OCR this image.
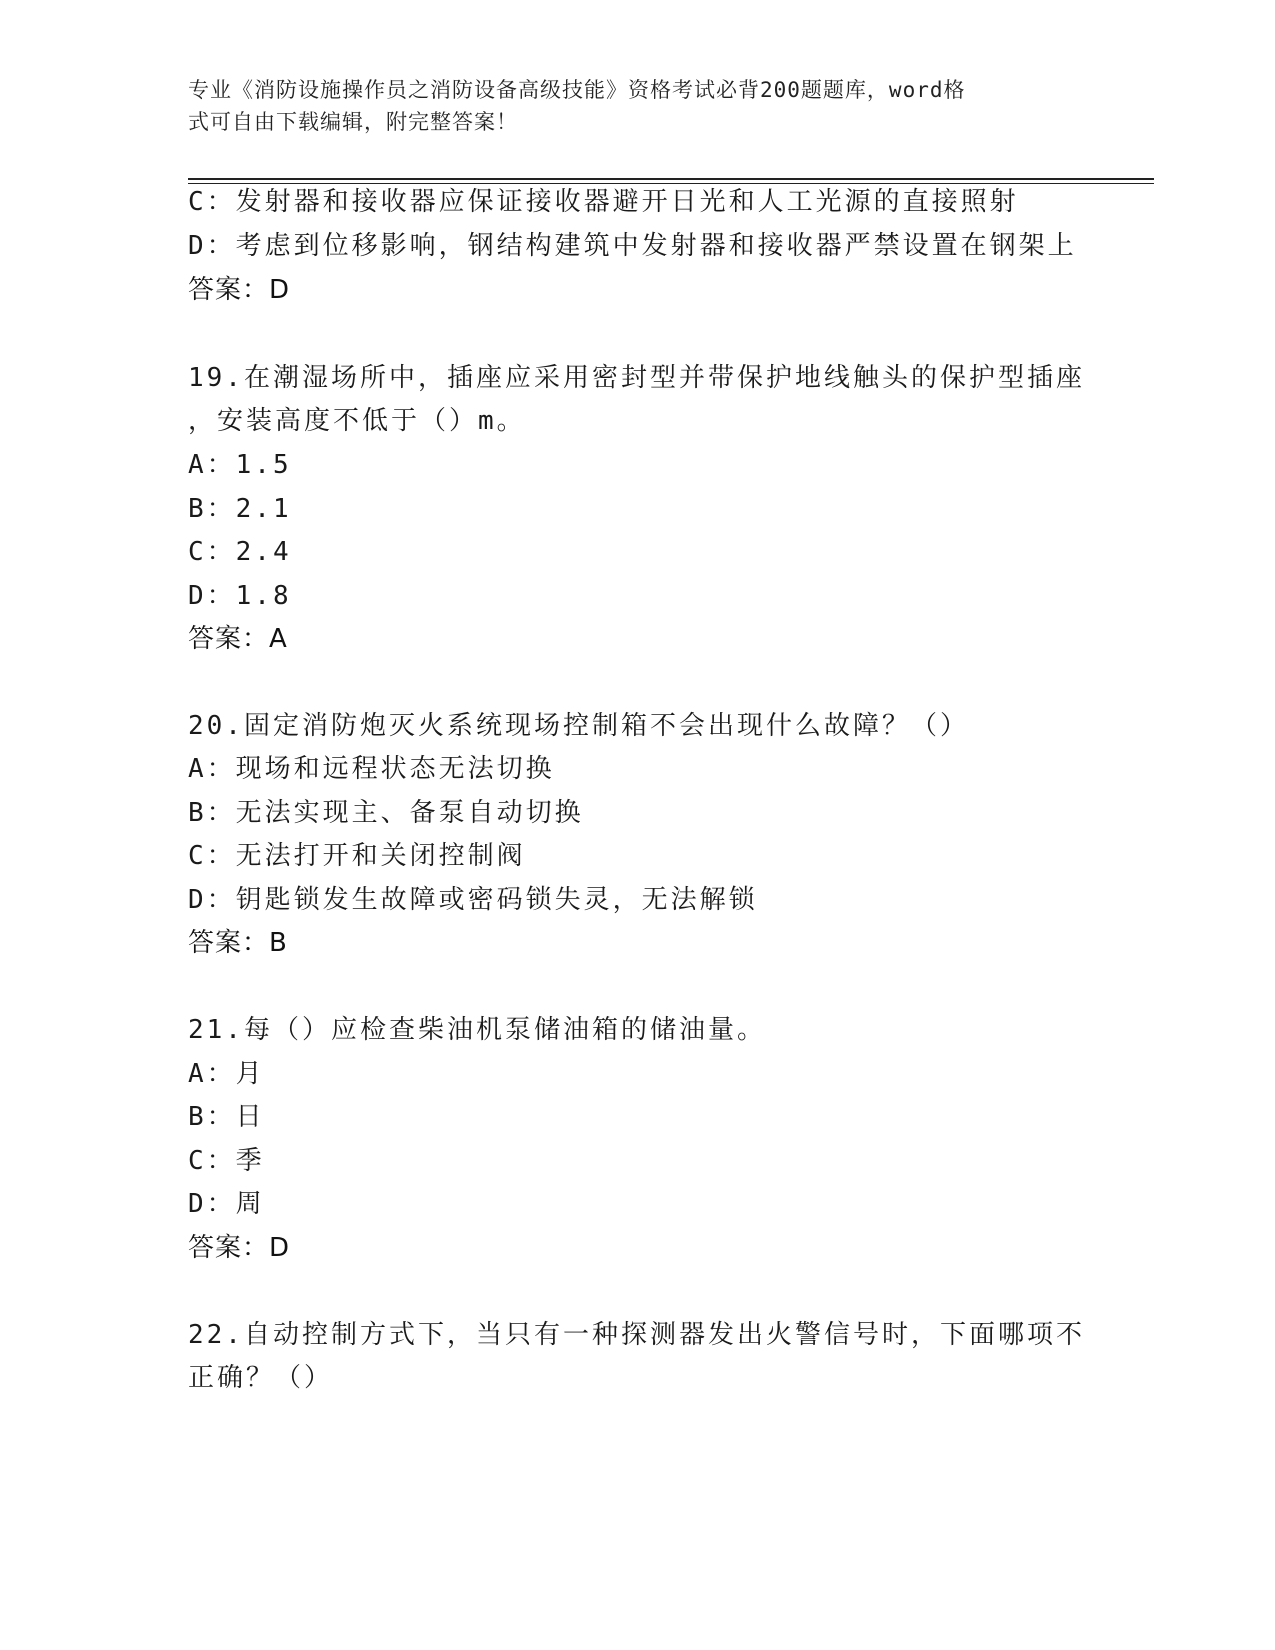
专业《消防设施操作员之消防设备高级技能》资格考试必背200题题库，word格
式可自由下载编辑，附完整答案！
C：发射器和接收器应保证接收器避开日光和人工光源的直接照射
D：考虑到位移影响，钢结构建筑中发射器和接收器严禁设置在钢架上
答案：D
19.在潮湿场所中，插座应采用密封型并带保护地线触头的保护型插座
，安装高度不低于（）m。
A：1.5
B：2.1
C：2.4
D：1.8
答案：A
20.固定消防炮灭火系统现场控制箱不会出现什么故障？（）
A：现场和远程状态无法切换
B：无法实现主、备泵自动切换
C：无法打开和关闭控制阀
D：钥匙锁发生故障或密码锁失灵，无法解锁
答案：B
21.每（）应检查柴油机泵储油箱的储油量。
A：月
B：日
C：季
D：周
答案：D
22.自动控制方式下，当只有一种探测器发出火警信号时，下面哪项不
正确？（）
